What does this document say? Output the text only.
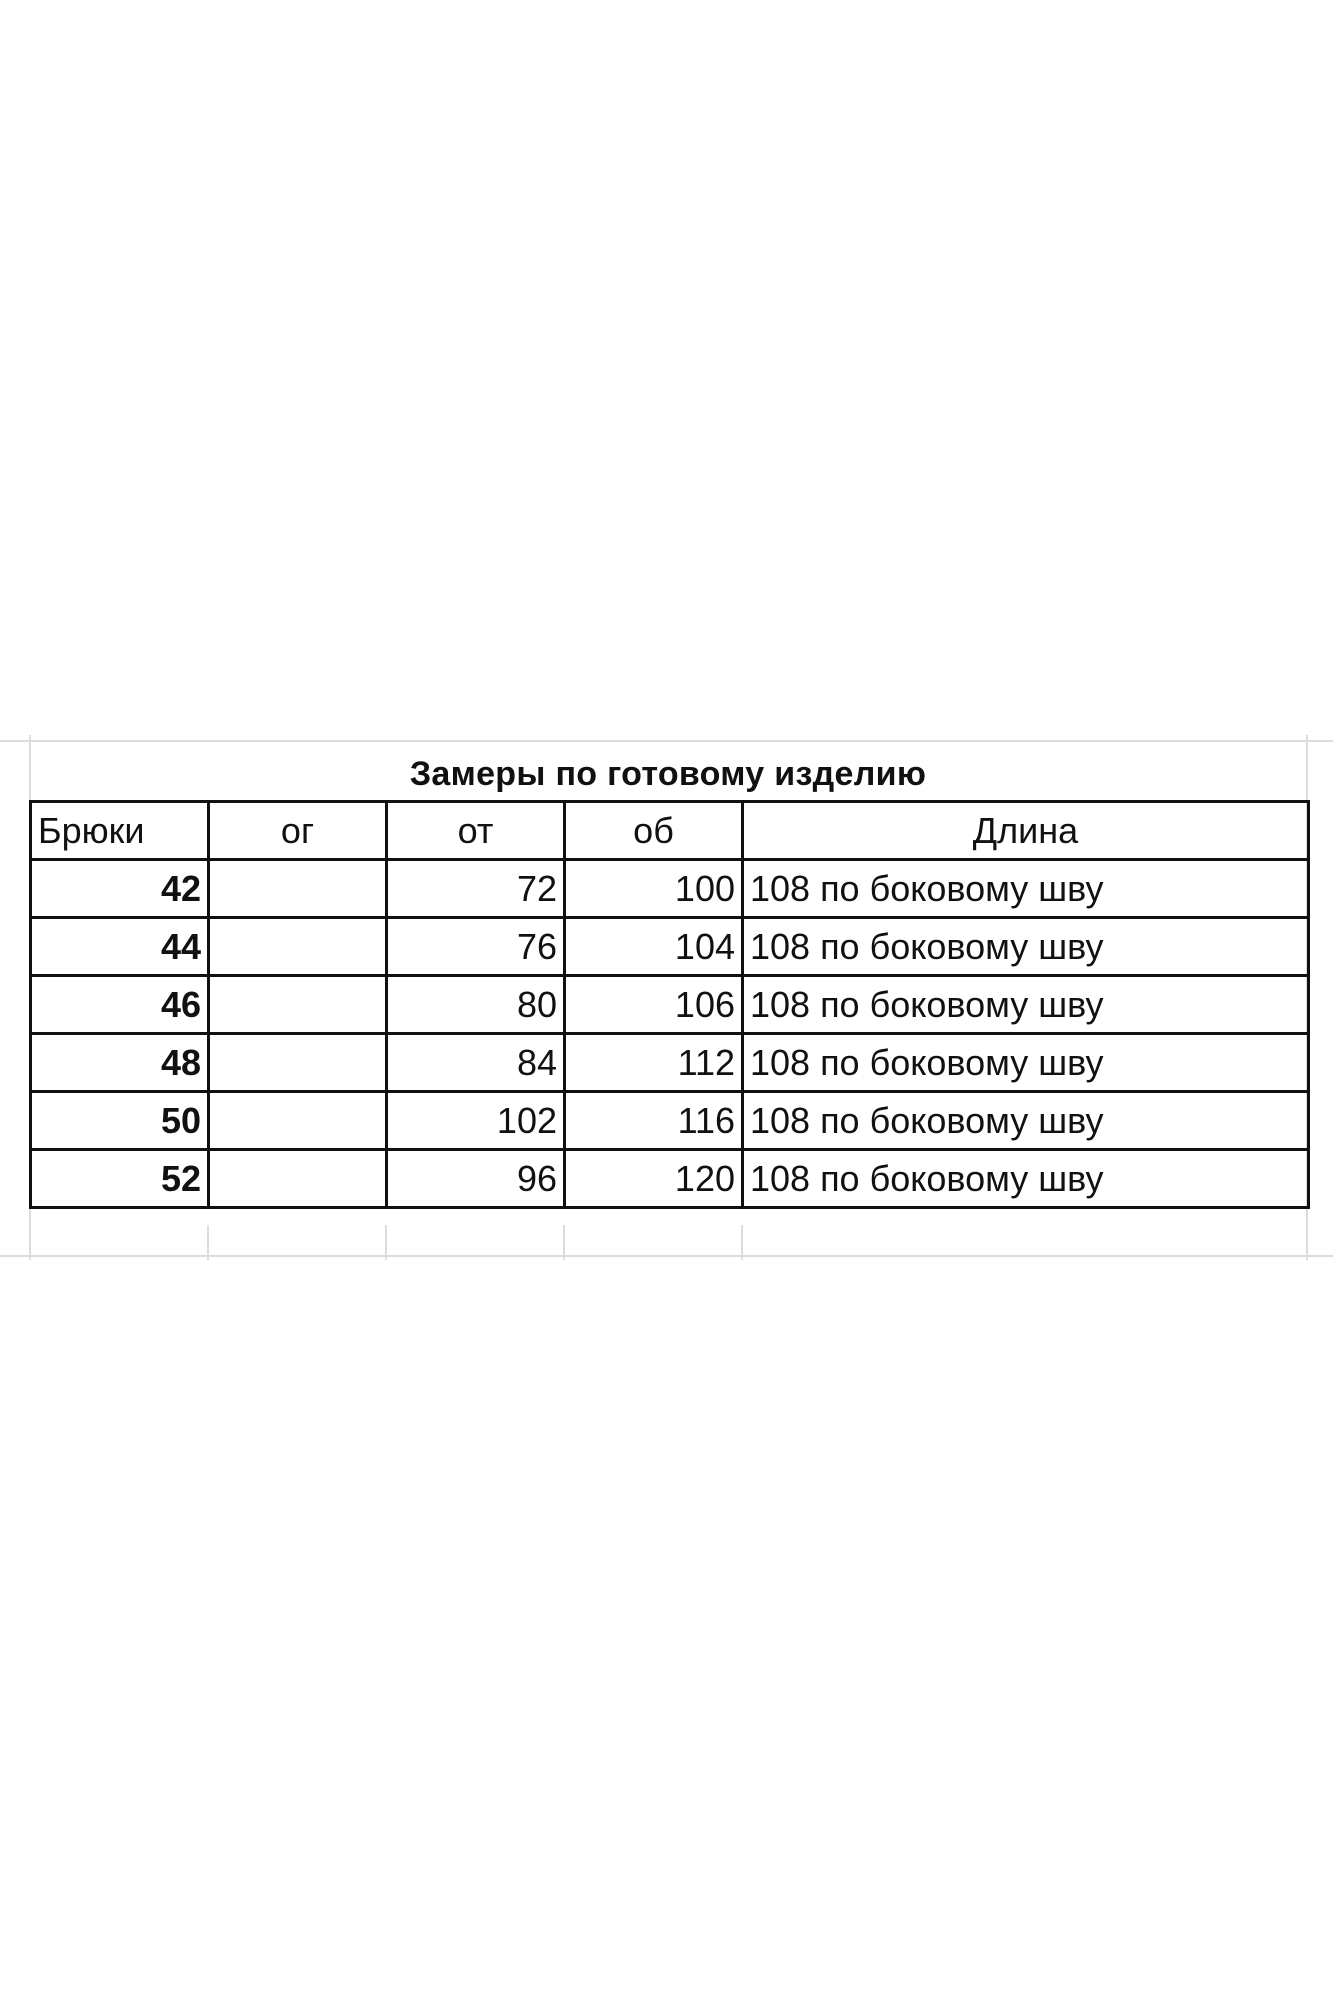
Замеры по готовому изделию
Брюки	ог	от	об	Длина
42		72	100	108 по боковому шву
44		76	104	108 по боковому шву
46		80	106	108 по боковому шву
48		84	112	108 по боковому шву
50		102	116	108 по боковому шву
52		96	120	108 по боковому шву
